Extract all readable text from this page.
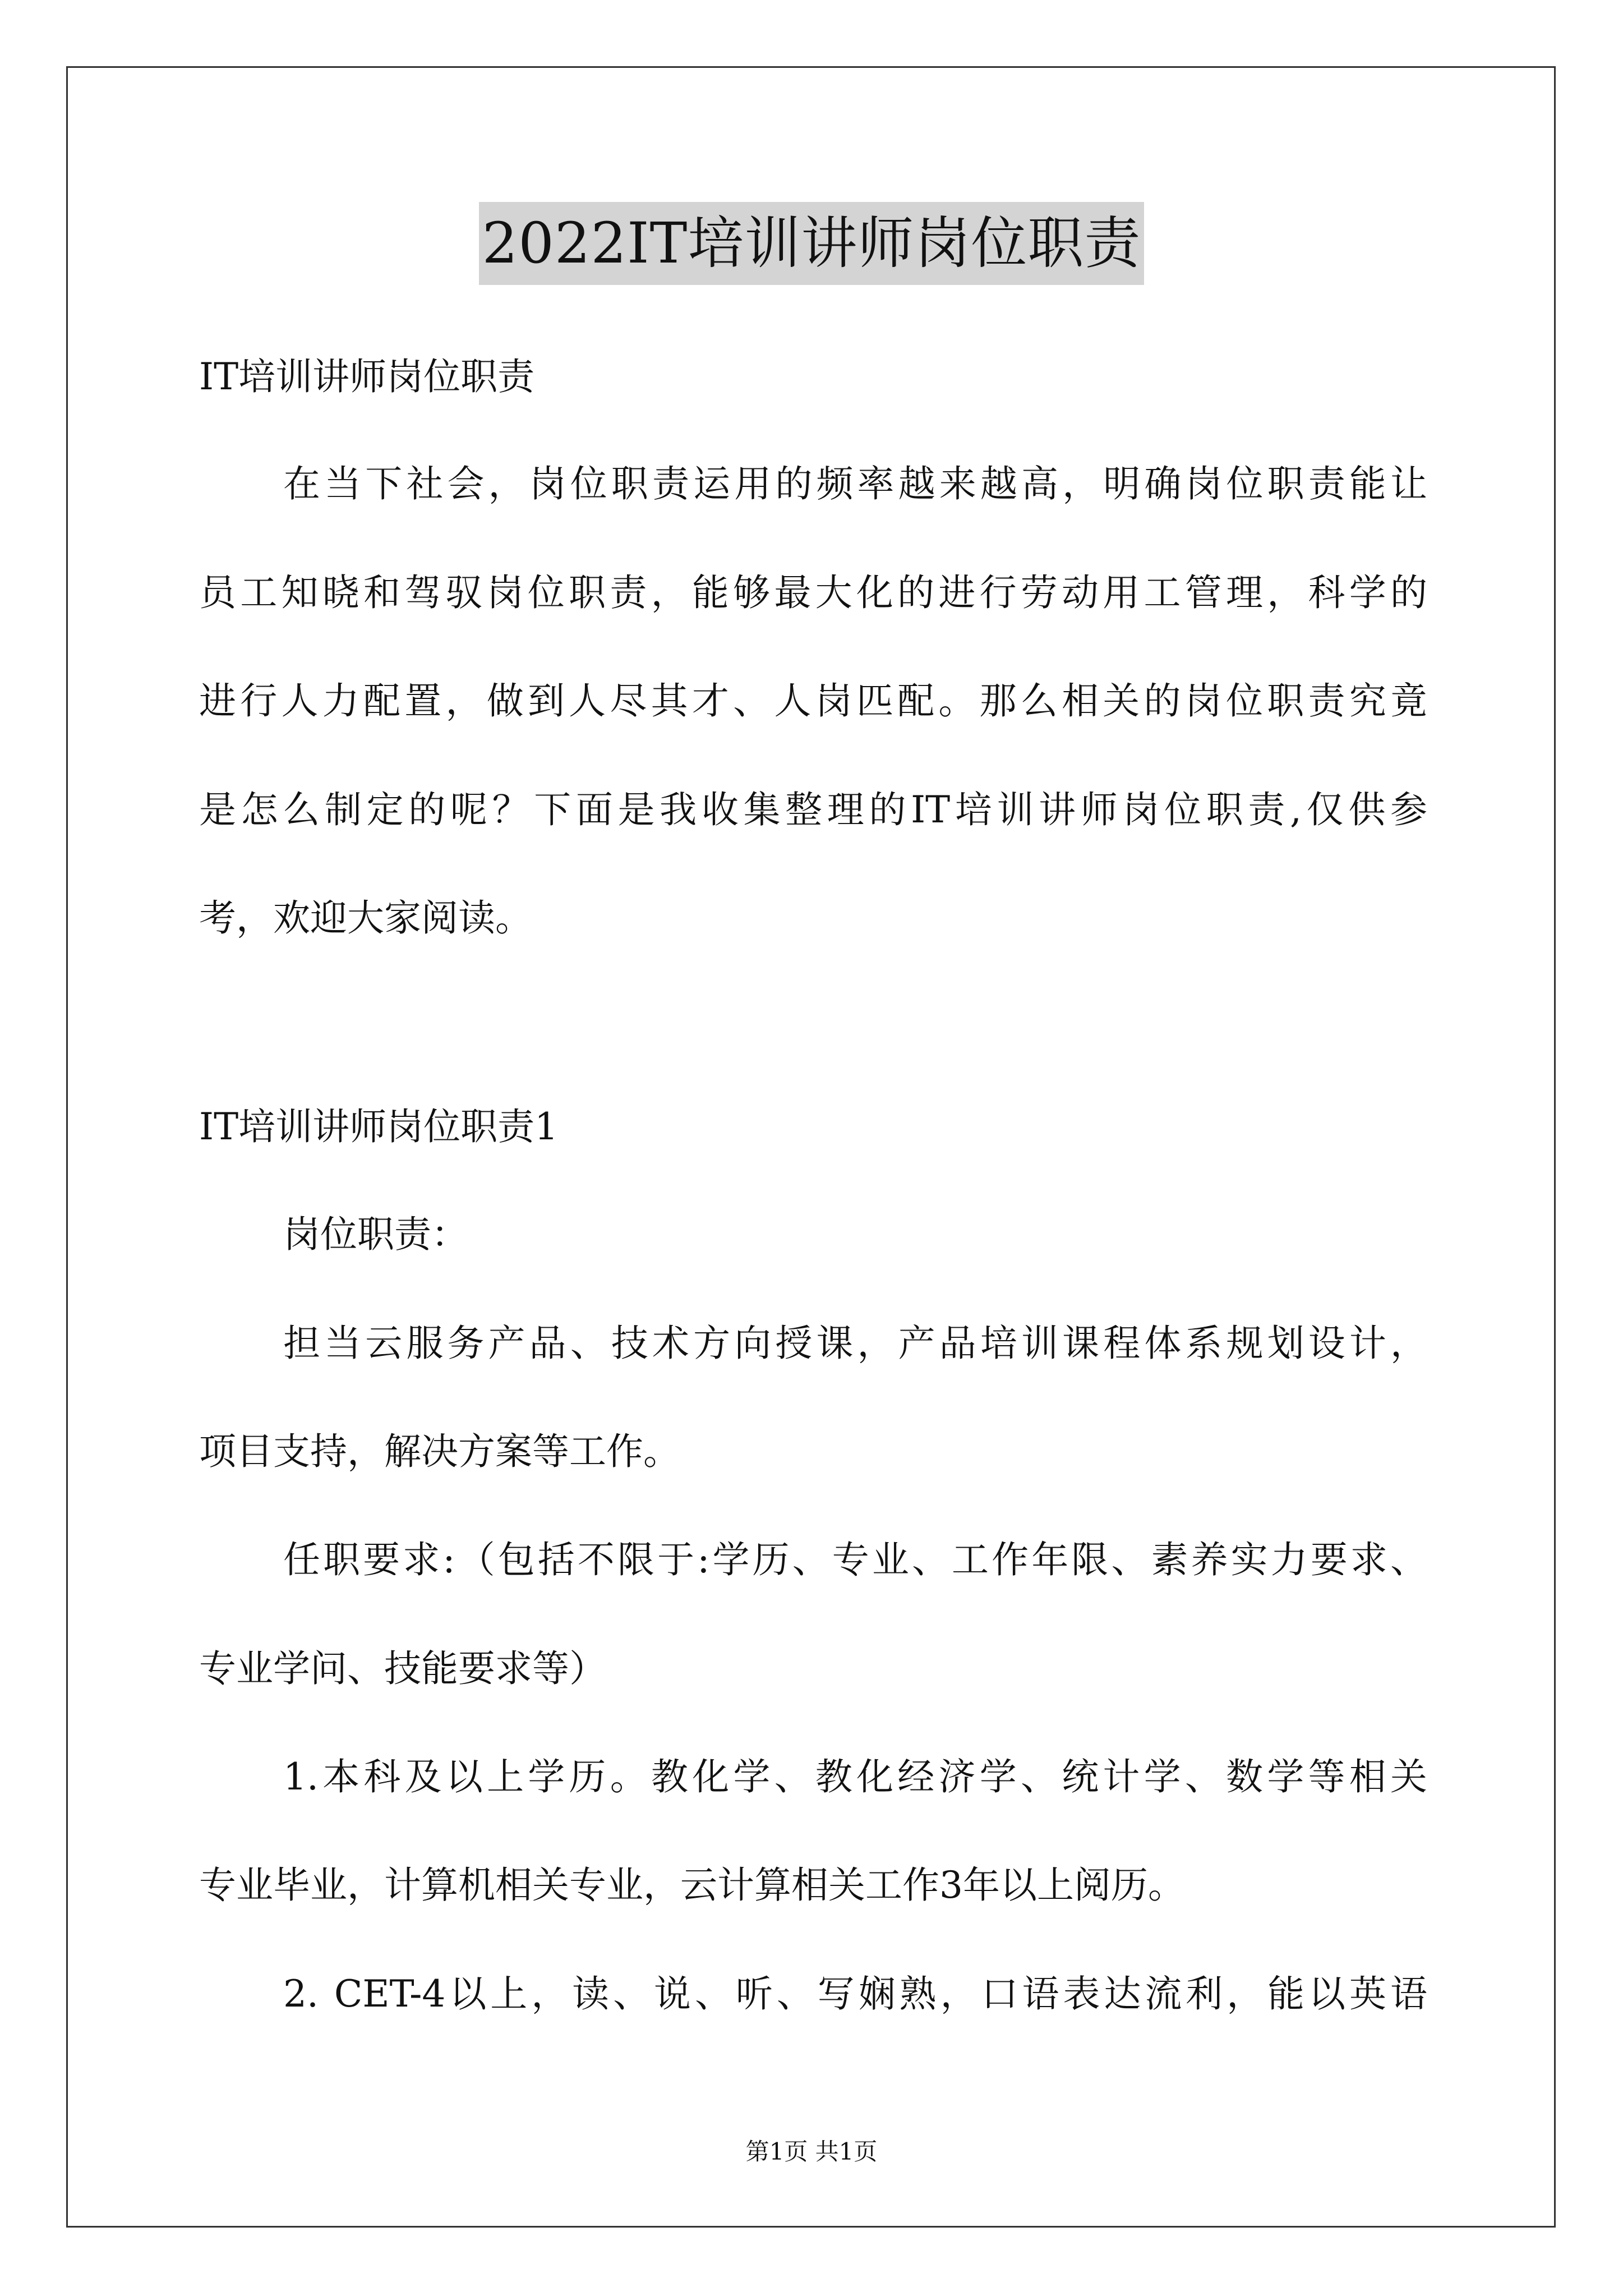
2022IT培训讲师岗位职责

IT培训讲师岗位职责

在当下社会，岗位职责运用的频率越来越高，明确岗位职责能让

员工知晓和驾驭岗位职责，能够最大化的进行劳动用工管理，科学的

进行人力配置，做到人尽其才、人岗匹配。那么相关的岗位职责究竟

是怎么制定的呢？下面是我收集整理的IT培训讲师岗位职责,仅供参

考，欢迎大家阅读。

IT培训讲师岗位职责1

岗位职责：

担当云服务产品、技术方向授课，产品培训课程体系规划设计，

项目支持，解决方案等工作。

任职要求:（包括不限于:学历、专业、工作年限、素养实力要求、

专业学问、技能要求等）

1.本科及以上学历。教化学、教化经济学、统计学、数学等相关

专业毕业，计算机相关专业，云计算相关工作3年以上阅历。

2. CET-4以上，读、说、听、写娴熟，口语表达流利，能以英语

第1页 共1页
